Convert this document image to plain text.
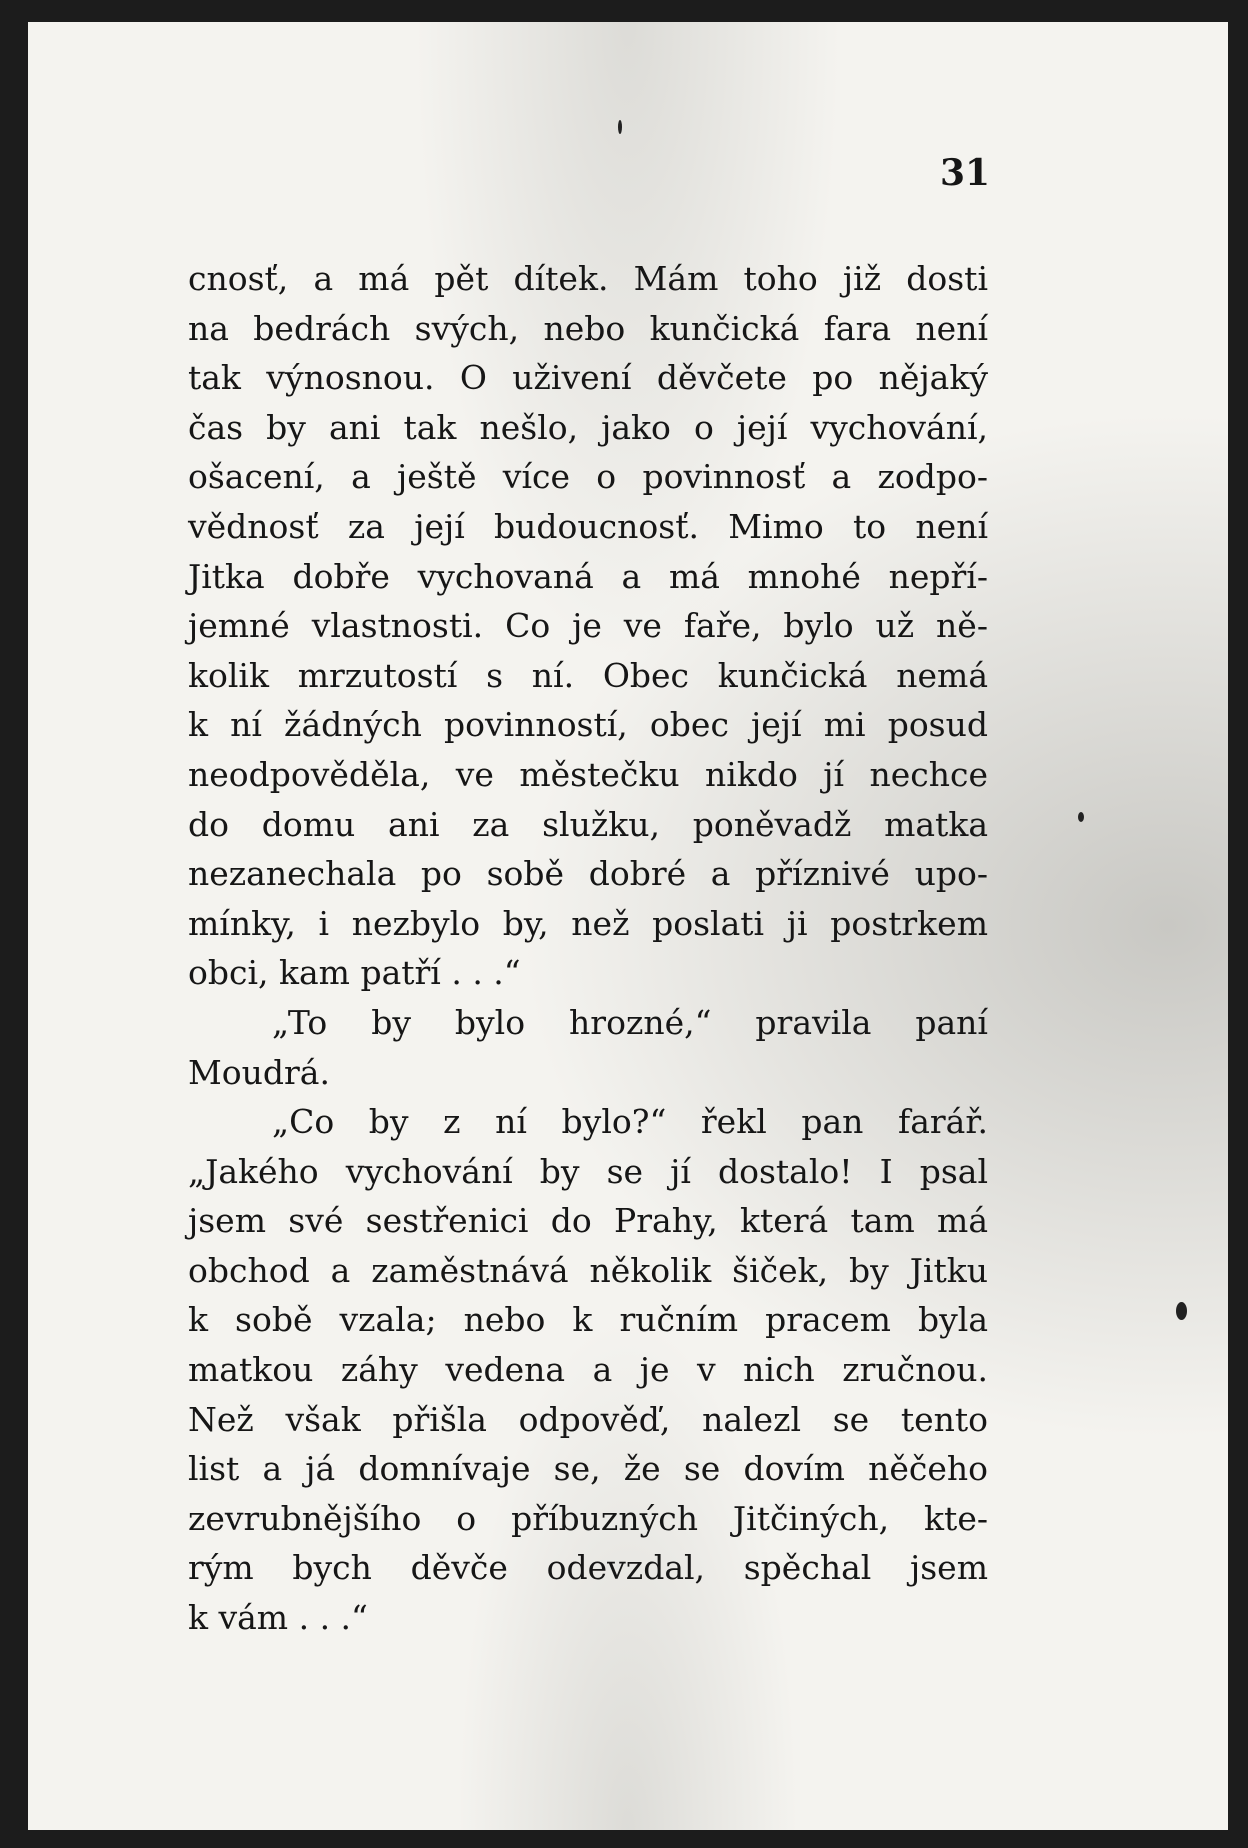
31
cnosť, a má pět dítek. Mám toho již dosti
na bedrách svých, nebo kunčická fara není
tak výnosnou. O uživení děvčete po nějaký
čas by ani tak nešlo, jako o její vychování,
ošacení, a ještě více o povinnosť a zodpo-
vědnosť za její budoucnosť. Mimo to není
Jitka dobře vychovaná a má mnohé nepří-
jemné vlastnosti. Co je ve faře, bylo už ně-
kolik mrzutostí s ní. Obec kunčická nemá
k ní žádných povinností, obec její mi posud
neodpověděla, ve městečku nikdo jí nechce
do domu ani za služku, poněvadž matka
nezanechala po sobě dobré a příznivé upo-
mínky, i nezbylo by, než poslati ji postrkem
obci, kam patří . . .“
„To by bylo hrozné,“ pravila paní
Moudrá.
„Co by z ní bylo?“ řekl pan farář.
„Jakého vychování by se jí dostalo! I psal
jsem své sestřenici do Prahy, která tam má
obchod a zaměstnává několik šiček, by Jitku
k sobě vzala; nebo k ručním pracem byla
matkou záhy vedena a je v nich zručnou.
Než však přišla odpověď, nalezl se tento
list a já domnívaje se, že se dovím něčeho
zevrubnějšího o příbuzných Jitčiných, kte-
rým bych děvče odevzdal, spěchal jsem
k vám . . .“
